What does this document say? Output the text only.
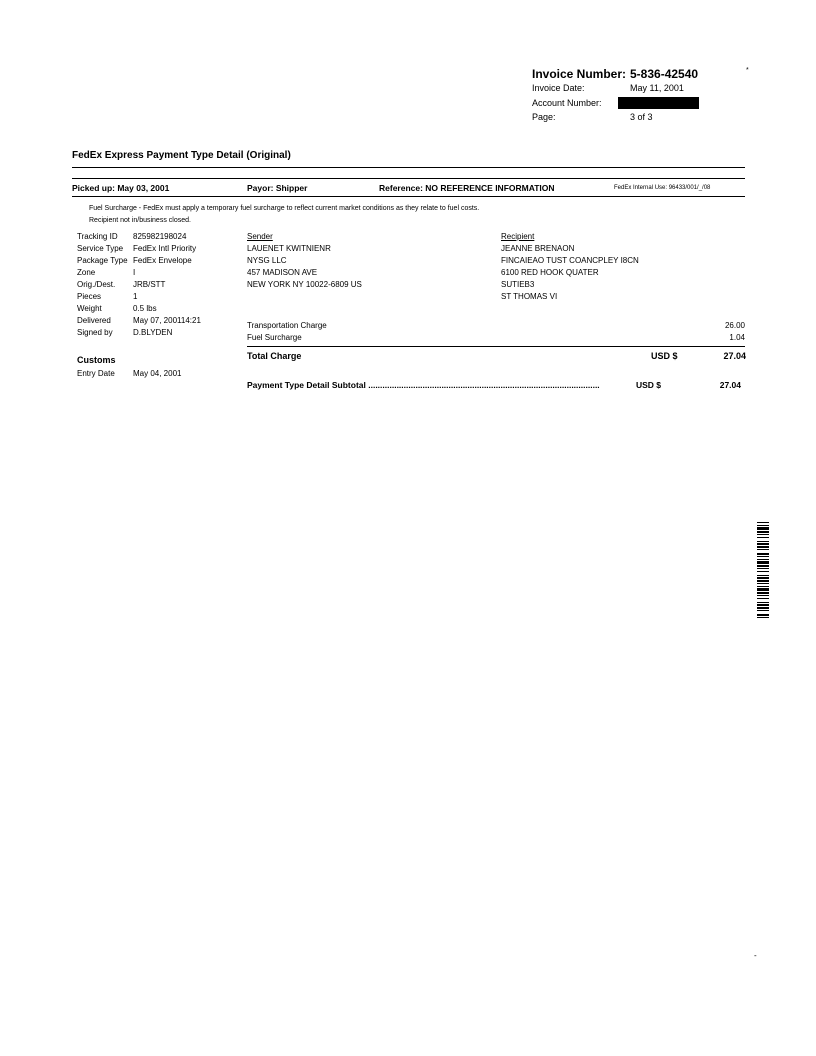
Invoice Number: 5-836-42540	*
Invoice Date:	May 11, 2001
Account Number:
Page:	3 of 3
FedEx Express Payment Type Detail (Original)
Picked up: May 03, 2001	Payor: Shipper	Reference: NO REFERENCE INFORMATION	FedEx Internal Use: 96433/001/_/08
Fuel Surcharge - FedEx must apply a temporary fuel surcharge to reflect current market conditions as they relate to fuel costs.
Recipient not in/business closed.
Tracking ID 825982198024
Service Type FedEx Intl Priority
Package Type FedEx Envelope
Zone	I
Orig./Dest. JRB/STT
Pieces	1
Weight	0.5 lbs
Delivered	May 07, 200114:21
Signed by	D.BLYDEN
Customs
Entry Date May 04, 2001
Sender
LAUENET KWITNIENR
NYSG LLC
457 MADISON AVE
NEW YORK NY 10022-6809 US
Recipient
JEANNE BRENAON
FINCAIEAO TUST COANCPLEY I8CN
6100 RED HOOK QUATER
SUTIEB3
ST THOMAS VI
Transportation Charge	26.00
Fuel Surcharge	1.04
Total Charge	USD $	27.04
Payment Type Detail Subtotal ..................................................................................................	USD $	27.04
-
